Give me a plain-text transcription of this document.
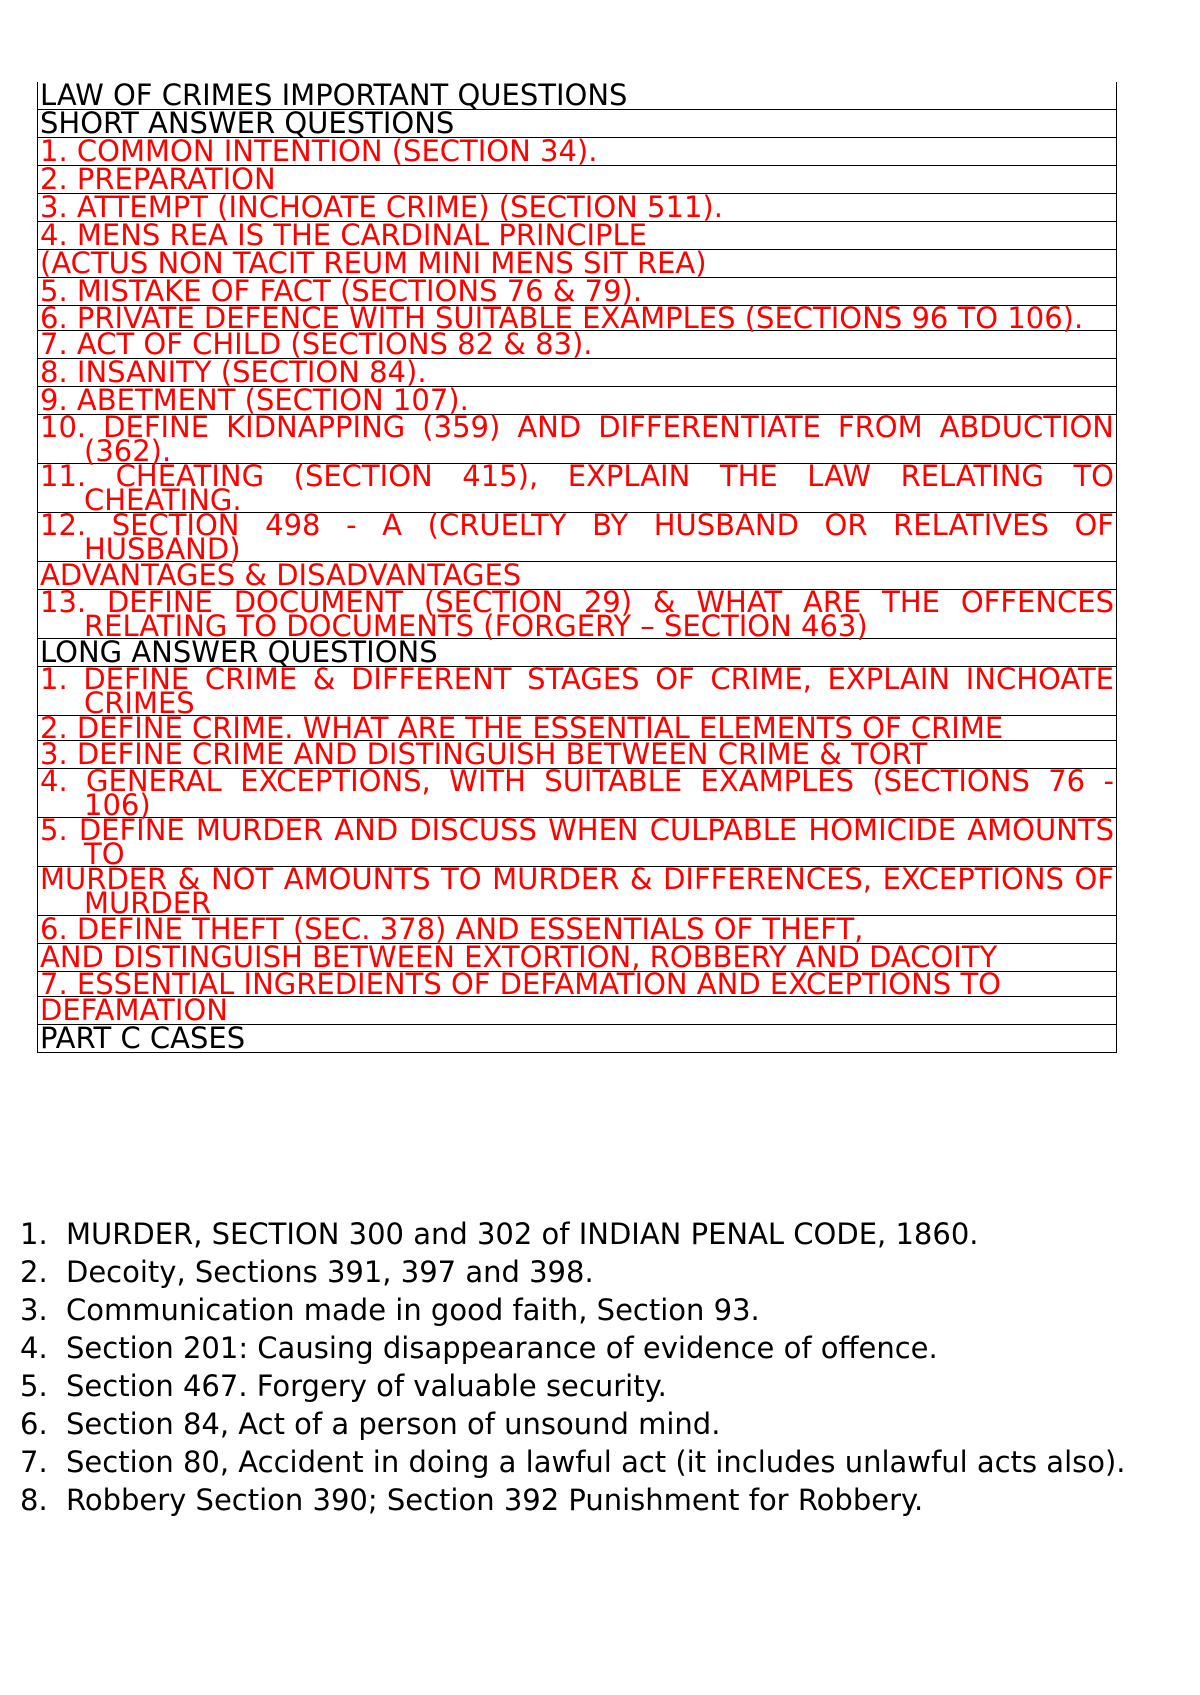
LAW OF CRIMES IMPORTANT QUESTIONS
SHORT ANSWER QUESTIONS
1. COMMON INTENTION (SECTION 34).
2. PREPARATION
3. ATTEMPT (INCHOATE CRIME) (SECTION 511).
4. MENS REA IS THE CARDINAL PRINCIPLE
(ACTUS NON TACIT REUM MINI MENS SIT REA)
5. MISTAKE OF FACT (SECTIONS 76 & 79).
6. PRIVATE DEFENCE WITH SUITABLE EXAMPLES (SECTIONS 96 TO 106).
7. ACT OF CHILD (SECTIONS 82 & 83).
8. INSANITY (SECTION 84).
9. ABETMENT (SECTION 107).
10. DEFINE KIDNAPPING (359) AND DIFFERENTIATE FROM ABDUCTION (362).
11. CHEATING (SECTION 415), EXPLAIN THE LAW RELATING TO CHEATING.
12. SECTION 498 - A (CRUELTY BY HUSBAND OR RELATIVES OF HUSBAND)
ADVANTAGES & DISADVANTAGES
13. DEFINE DOCUMENT (SECTION 29) & WHAT ARE THE OFFENCES RELATING TO DOCUMENTS (FORGERY – SECTION 463)
LONG ANSWER QUESTIONS
1. DEFINE CRIME & DIFFERENT STAGES OF CRIME, EXPLAIN INCHOATE CRIMES
2. DEFINE CRIME. WHAT ARE THE ESSENTIAL ELEMENTS OF CRIME
3. DEFINE CRIME AND DISTINGUISH BETWEEN CRIME & TORT
4. GENERAL EXCEPTIONS, WITH SUITABLE EXAMPLES (SECTIONS 76 - 106)
5. DEFINE MURDER AND DISCUSS WHEN CULPABLE HOMICIDE AMOUNTS TO
MURDER & NOT AMOUNTS TO MURDER & DIFFERENCES, EXCEPTIONS OF MURDER
6. DEFINE THEFT (SEC. 378) AND ESSENTIALS OF THEFT,
AND DISTINGUISH BETWEEN EXTORTION, ROBBERY AND DACOITY
7. ESSENTIAL INGREDIENTS OF DEFAMATION AND EXCEPTIONS TO
DEFAMATION
PART C CASES
1. MURDER, SECTION 300 and 302 of INDIAN PENAL CODE, 1860.
2. Decoity, Sections 391, 397 and 398.
3. Communication made in good faith, Section 93.
4. Section 201: Causing disappearance of evidence of offence.
5. Section 467. Forgery of valuable security.
6. Section 84, Act of a person of unsound mind.
7. Section 80, Accident in doing a lawful act (it includes unlawful acts also).
8. Robbery Section 390; Section 392 Punishment for Robbery.
